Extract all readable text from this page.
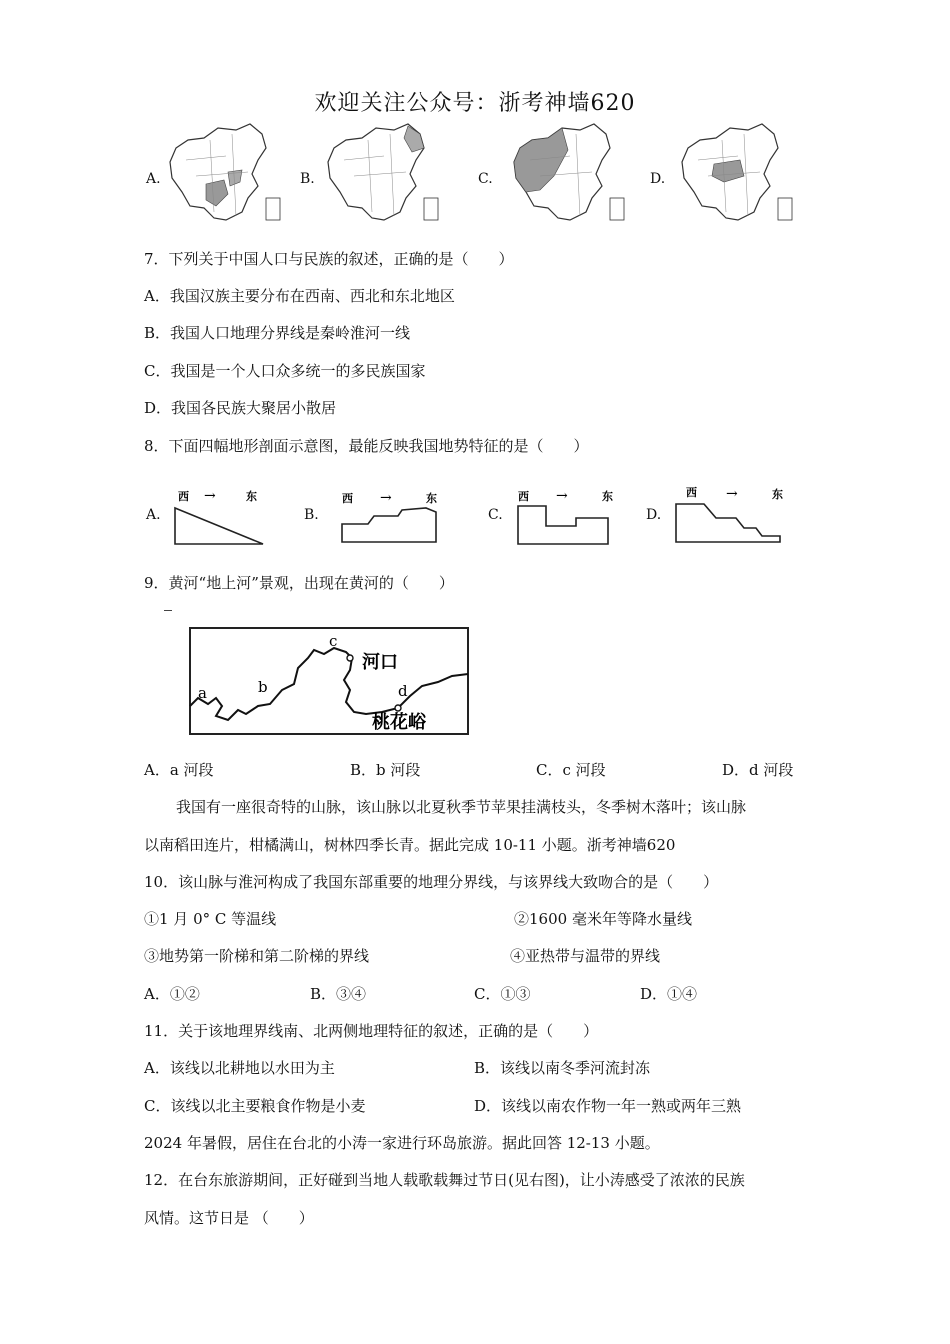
欢迎关注公众号：浙考神墙620
A.	B.	C.	D.
7．下列关于中国人口与民族的叙述，正确的是（　　）
A．我国汉族主要分布在西南、西北和东北地区
B．我国人口地理分界线是秦岭淮河一线
C．我国是一个人口众多统一的多民族国家
D．我国各民族大聚居小散居
8．下面四幅地形剖面示意图，最能反映我国地势特征的是（　　）
A.
西 →	东
B.
西 →	东
C.
西 →	东
D.
西 →	东
9．黄河“地上河”景观，出现在黄河的（　　）
a	b
c
d
河口
桃花峪
A．a 河段	B．b 河段	C．c 河段	D．d 河段
我国有一座很奇特的山脉，该山脉以北夏秋季节苹果挂满枝头，冬季树木落叶；该山脉
以南稻田连片，柑橘满山，树林四季长青。据此完成 10-11 小题。浙考神墙620
10．该山脉与淮河构成了我国东部重要的地理分界线，与该界线大致吻合的是（　　）
①1 月 0° C 等温线	②1600 毫米年等降水量线
③地势第一阶梯和第二阶梯的界线	④亚热带与温带的界线
A．①②	B．③④	C．①③	D．①④
11．关于该地理界线南、北两侧地理特征的叙述，正确的是（　　）
A．该线以北耕地以水田为主	B．该线以南冬季河流封冻
C．该线以北主要粮食作物是小麦	D．该线以南农作物一年一熟或两年三熟
2024 年暑假，居住在台北的小涛一家进行环岛旅游。据此回答 12-13 小题。
12．在台东旅游期间，正好碰到当地人载歌载舞过节日(见右图)，让小涛感受了浓浓的民族
风情。这节日是 （　　）
